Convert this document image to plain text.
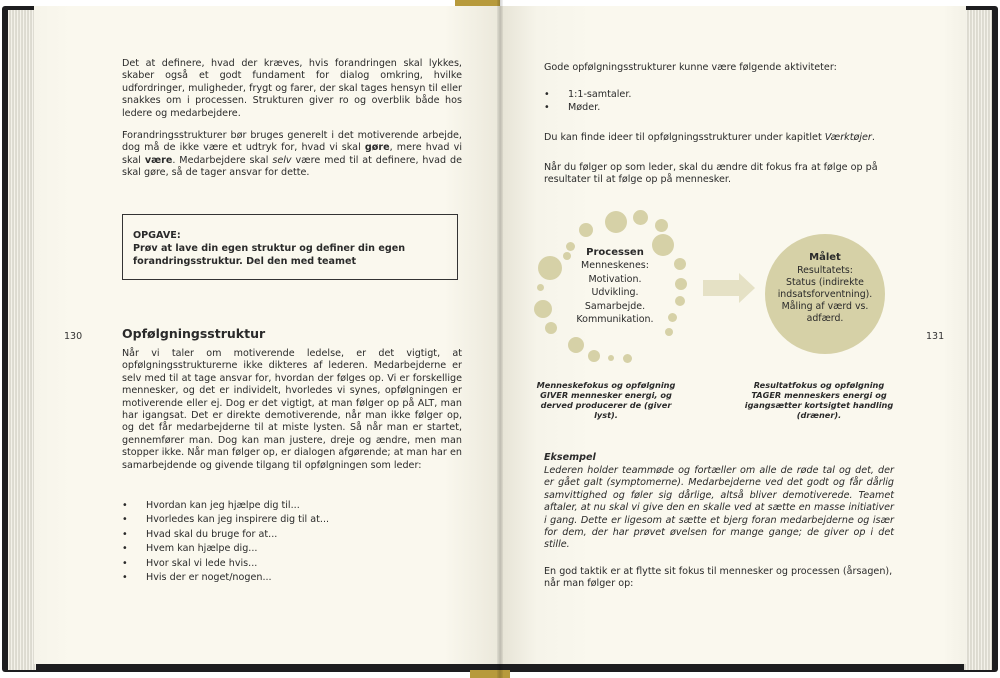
Det at definere, hvad der kræves, hvis forandringen skal lykkes, skaber også et godt fundament for dialog omkring, hvilke udfordringer, muligheder, frygt og farer, der skal tages hensyn til eller snakkes om i processen. Strukturen giver ro og overblik både hos ledere og medarbejdere.

Forandringsstrukturer bør bruges generelt i det motiverende arbejde, dog må de ikke være et udtryk for, hvad vi skal gøre, mere hvad vi skal være. Medarbejdere skal selv være med til at definere, hvad de skal gøre, så de tager ansvar for dette.

OPGAVE:
Prøv at lave din egen struktur og definer din egen forandringsstruktur. Del den med teamet
130	Opfølgningsstruktur

Når vi taler om motiverende ledelse, er det vigtigt, at opfølgningsstrukturerne ikke dikteres af lederen. Medarbejderne er selv med til at tage ansvar for, hvordan der følges op. Vi er forskellige mennesker, og det er individelt, hvorledes vi synes, opfølgningen er motiverende eller ej. Dog er det vigtigt, at man følger op på ALT, man har igangsat. Det er direkte demotiverende, når man ikke følger op, og det får medarbejderne til at miste lysten. Så når man er startet, gennemfører man. Dog kan man justere, dreje og ændre, men man stopper ikke. Når man følger op, er dialogen afgørende; at man har en samarbejdende og givende tilgang til opfølgningen som leder:

• Hvordan kan jeg hjælpe dig til...
• Hvorledes kan jeg inspirere dig til at...
• Hvad skal du bruge for at...
• Hvem kan hjælpe dig...
• Hvor skal vi lede hvis...
• Hvis der er noget/nogen...

Gode opfølgningsstrukturer kunne være følgende aktiviteter:

• 1:1-samtaler.
• Møder.

Du kan finde ideer til opfølgningsstrukturer under kapitlet Værktøjer.

Når du følger op som leder, skal du ændre dit fokus fra at følge op på resultater til at følge op på mennesker.

Processen
Menneskenes:
Motivation.
Udvikling.
Samarbejde.
Kommunikation.
Målet
Resultatets:
Status (indirekte indsatsforventning).
Måling af værd vs. adfærd.

Menneskefokus og opfølgning GIVER mennesker energi, og derved producerer de (giver lyst).

Resultatfokus og opfølgning TAGER menneskers energi og igangsætter kortsigtet handling (dræner).

131
Eksempel

Lederen holder teammøde og fortæller om alle de røde tal og det, der er gået galt (symptomerne). Medarbejderne ved det godt og får dårlig samvittighed og føler sig dårlige, altså bliver demotiverede. Teamet aftaler, at nu skal vi give den en skalle ved at sætte en masse initiativer i gang. Dette er ligesom at sætte et bjerg foran medarbejderne og især for dem, der har prøvet øvelsen for mange gange; de giver op i det stille.

En god taktik er at flytte sit fokus til mennesker og processen (årsagen), når man følger op:
